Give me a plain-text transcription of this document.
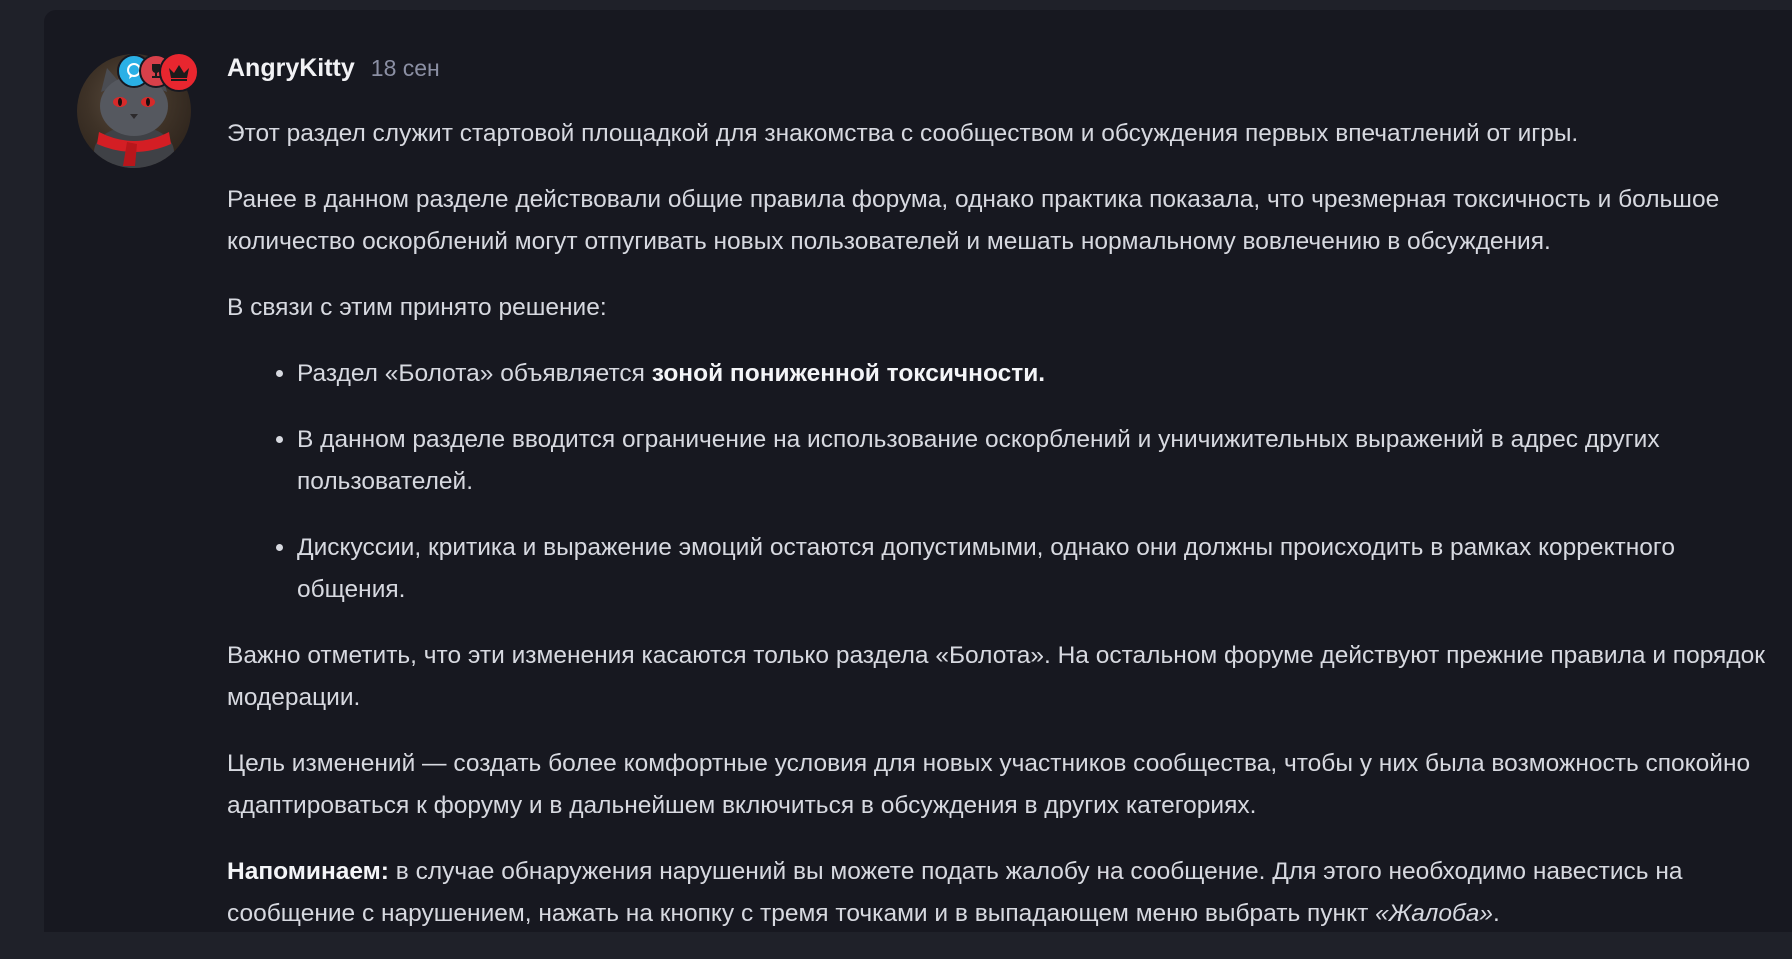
AngryKitty 18 сен

Этот раздел служит стартовой площадкой для знакомства с сообществом и обсуждения первых впечатлений от игры.

Ранее в данном разделе действовали общие правила форума, однако практика показала, что чрезмерная токсичность и большое количество оскорблений могут отпугивать новых пользователей и мешать нормальному вовлечению в обсуждения.

В связи с этим принято решение:

• Раздел «Болота» объявляется зоной пониженной токсичности.
• В данном разделе вводится ограничение на использование оскорблений и уничижительных выражений в адрес других пользователей.
• Дискуссии, критика и выражение эмоций остаются допустимыми, однако они должны происходить в рамках корректного общения.

Важно отметить, что эти изменения касаются только раздела «Болота». На остальном форуме действуют прежние правила и порядок модерации.

Цель изменений — создать более комфортные условия для новых участников сообщества, чтобы у них была возможность спокойно адаптироваться к форуму и в дальнейшем включиться в обсуждения в других категориях.

Напоминаем: в случае обнаружения нарушений вы можете подать жалобу на сообщение. Для этого необходимо навестись на сообщение с нарушением, нажать на кнопку с тремя точками и в выпадающем меню выбрать пункт «Жалоба».
